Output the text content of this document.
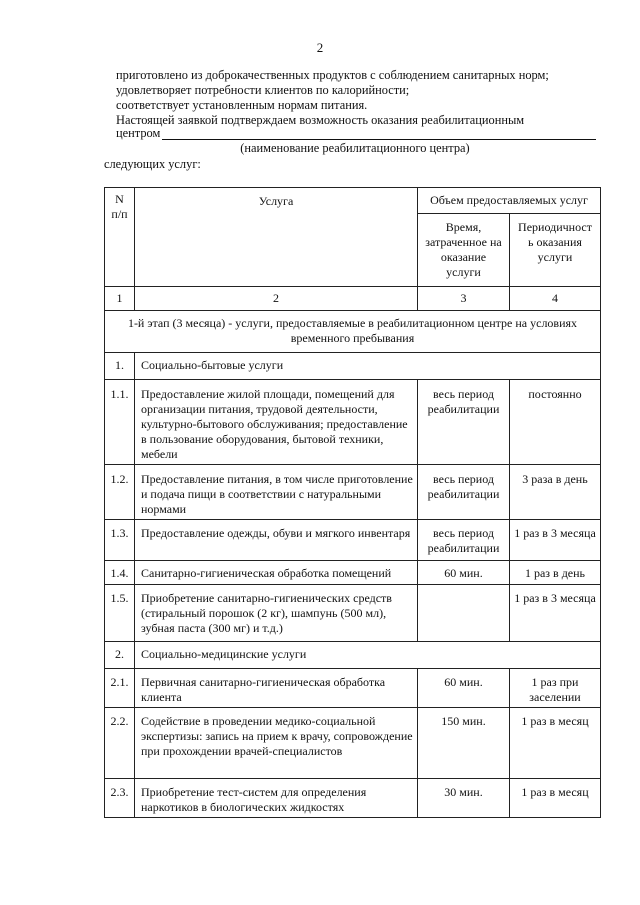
2

приготовлено из доброкачественных продуктов с соблюдением санитарных норм;

удовлетворяет потребности клиентов по калорийности;

соответствует установленным нормам питания.

Настоящей заявкой подтверждаем возможность оказания реабилитационным

центром
(наименование реабилитационного центра)
следующих услуг:
N
п/п	Услуга	Объем предоставляемых услуг	
		Время,
затраченное на
оказание
услуги	Периодичност
ь оказания
услуги
1	2	3	4
1-й этап (3 месяца) - услуги, предоставляемые в реабилитационном центре на условиях временного пребывания			
1.	Социально-бытовые услуги		
1.1.	Предоставление жилой площади, помещений для организации питания, трудовой деятельности, культурно-бытового обслуживания; предоставление в пользование оборудования, бытовой техники, мебели	весь период реабилитации	постоянно
1.2.	Предоставление питания, в том числе приготовление и подача пищи в соответствии с натуральными нормами	весь период реабилитации	3 раза в день
1.3.	Предоставление одежды, обуви и мягкого инвентаря	весь период реабилитации	1 раз в 3 месяца
1.4.	Санитарно-гигиеническая обработка помещений	60 мин.	1 раз в день
1.5.	Приобретение санитарно-гигиенических средств (стиральный порошок (2 кг), шампунь (500 мл), зубная паста (300 мг) и т.д.)		1 раз в 3 месяца
2.	Социально-медицинские услуги		
2.1.	Первичная санитарно-гигиеническая обработка клиента	60 мин.	1 раз при заселении
2.2.	Содействие в проведении медико-социальной экспертизы: запись на прием к врачу, сопровождение при прохождении врачей-специалистов	150 мин.	1 раз в месяц
2.3.	Приобретение тест-систем для определения наркотиков в биологических жидкостях	30 мин.	1 раз в месяц
